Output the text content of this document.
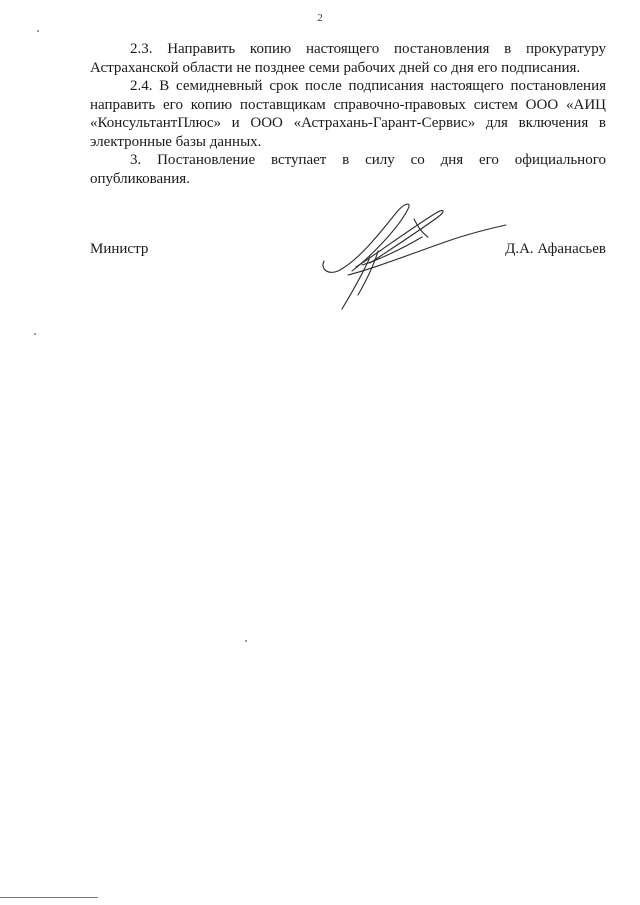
2

2.3. Направить копию настоящего постановления в прокуратуру Астраханской области не позднее семи рабочих дней со дня его подписания.

2.4. В семидневный срок после подписания настоящего постановления направить его копию поставщикам справочно-правовых систем ООО «АИЦ «КонсультантПлюс» и ООО «Астрахань-Гарант-Сервис» для включения в электронные базы данных.

3. Постановление вступает в силу со дня его официального опубликования.

Министр	Д.А. Афанасьев
